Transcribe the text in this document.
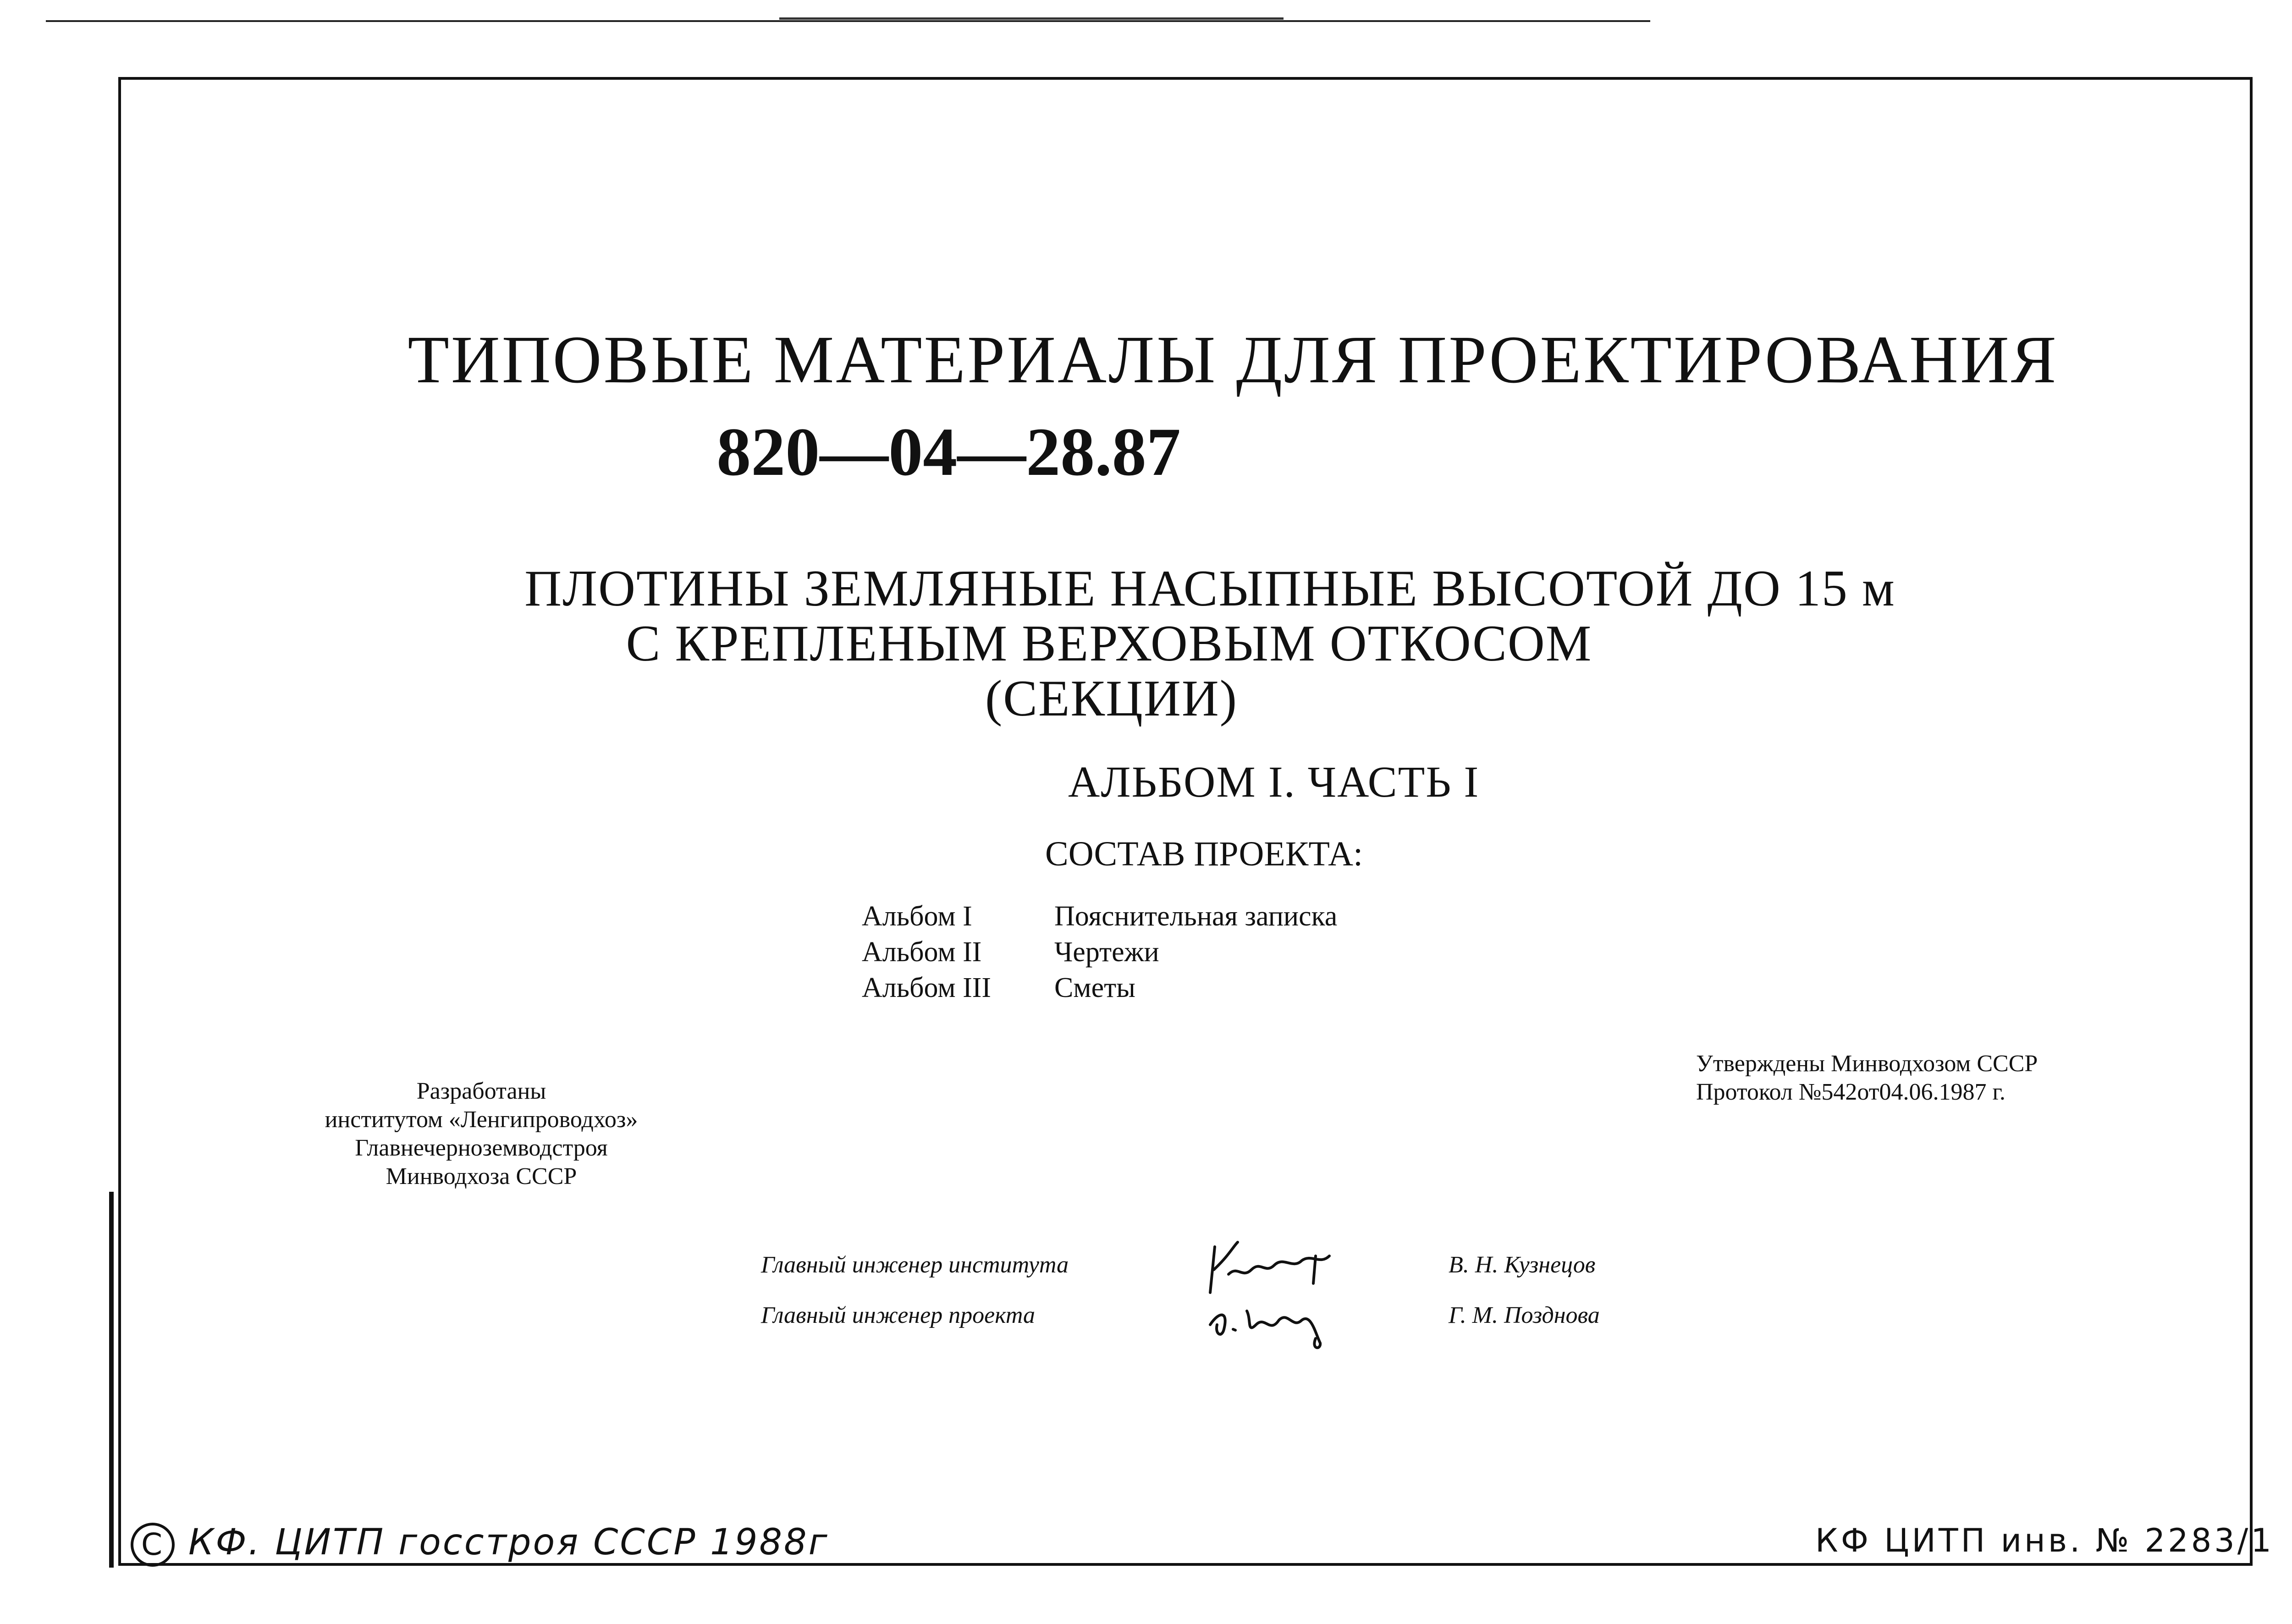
ТИПОВЫЕ МАТЕРИАЛЫ ДЛЯ ПРОЕКТИРОВАНИЯ
820—04—28.87
ПЛОТИНЫ ЗЕМЛЯНЫЕ НАСЫПНЫЕ ВЫСОТОЙ ДО 15 м
С КРЕПЛЕНЫМ ВЕРХОВЫМ ОТКОСОМ
(СЕКЦИИ)
АЛЬБОМ I. ЧАСТЬ I
СОСТАВ ПРОЕКТА:
Альбом I	Пояснительная записка
Альбом II	Чертежи
Альбом III Сметы
Разработаны
институтом «Ленгипроводхоз»
Главнечерноземводстроя
Минводхоза СССР
Утверждены Минводхозом СССР
Протокол №542от04.06.1987 г.
Главный инженер института	В. Н. Кузнецов
Главный инженер проекта	Г. М. Позднова
C КФ. ЦИТП госстроя СССР 1988г	КФ ЦИТП инв. № 2283/1
